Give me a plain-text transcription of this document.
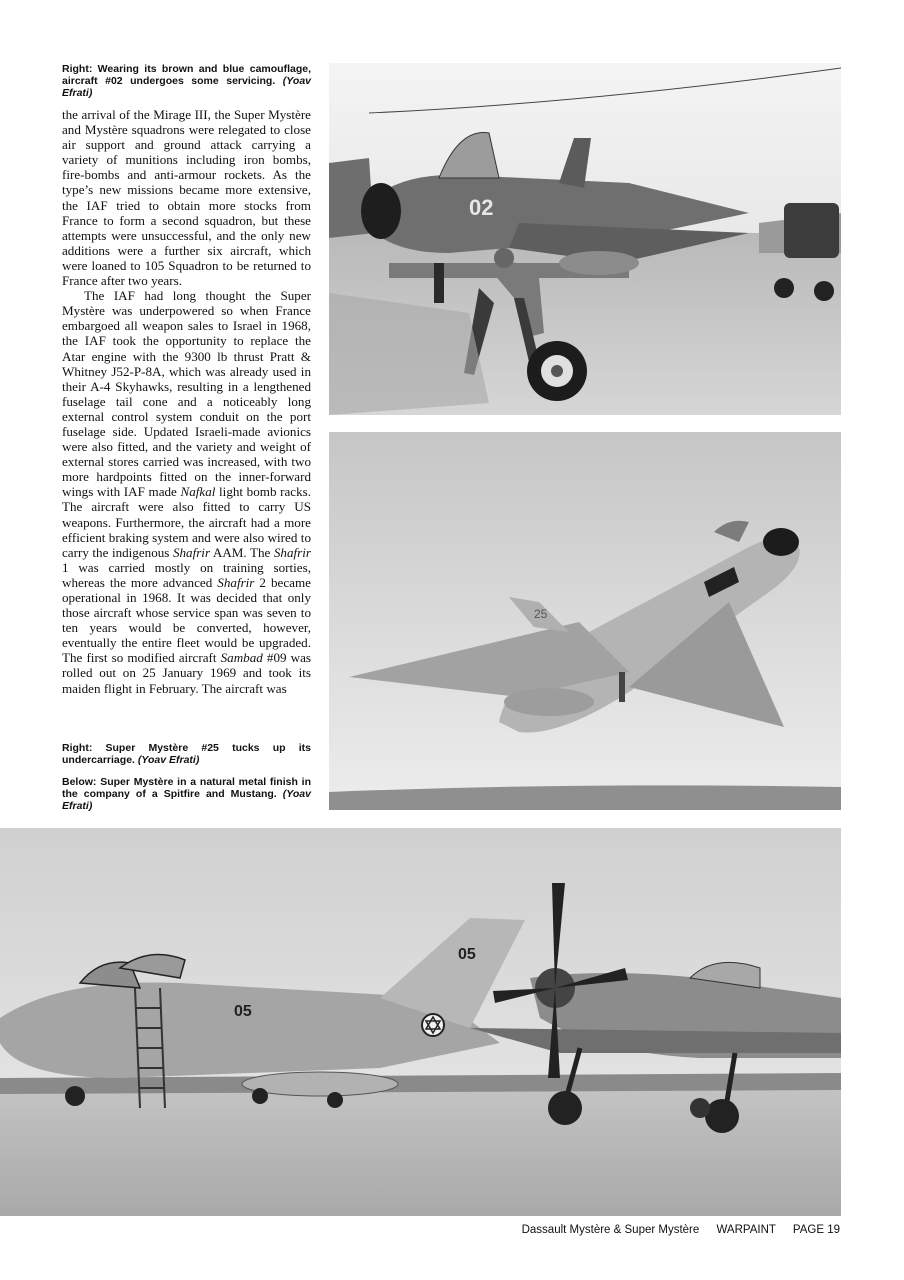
Right: Wearing its brown and blue camouflage, aircraft #02 undergoes some servicing. (Yoav Efrati)

the arrival of the Mirage III, the Super Mystère and Mystère squadrons were relegated to close air support and ground attack carrying a variety of munitions including iron bombs, fire-bombs and anti-armour rockets. As the type’s new missions became more extensive, the IAF tried to obtain more stocks from France to form a second squadron, but these attempts were unsuccessful, and the only new additions were a further six aircraft, which were loaned to 105 Squadron to be returned to France after two years.

The IAF had long thought the Super Mystère was underpowered so when France embargoed all weapon sales to Israel in 1968, the IAF took the opportunity to replace the Atar engine with the 9300 lb thrust Pratt & Whitney J52-P-8A, which was already used in their A-4 Skyhawks, resulting in a lengthened fuselage tail cone and a noticeably long external control system conduit on the port fuselage side. Updated Israeli-made avionics were also fitted, and the variety and weight of external stores carried was increased, with two more hardpoints fitted on the inner-forward wings with IAF made Nafkal light bomb racks. The aircraft were also fitted to carry US weapons. Furthermore, the aircraft had a more efficient braking system and were also wired to carry the indigenous Shafrir AAM. The Shafrir 1 was carried mostly on training sorties, whereas the more advanced Shafrir 2 became operational in 1968. It was decided that only those aircraft whose service span was seven to ten years would be converted, however, eventually the entire fleet would be upgraded. The first so modified aircraft Sambad #09 was rolled out on 25 January 1969 and took its maiden flight in February. The aircraft was

Right: Super Mystère #25 tucks up its undercarriage. (Yoav Efrati)
Below: Super Mystère in a natural metal finish in the company of a Spitfire and Mustang. (Yoav Efrati)
02
25
05
05
Dassault Mystère & Super Mystère WARPAINT PAGE 19
